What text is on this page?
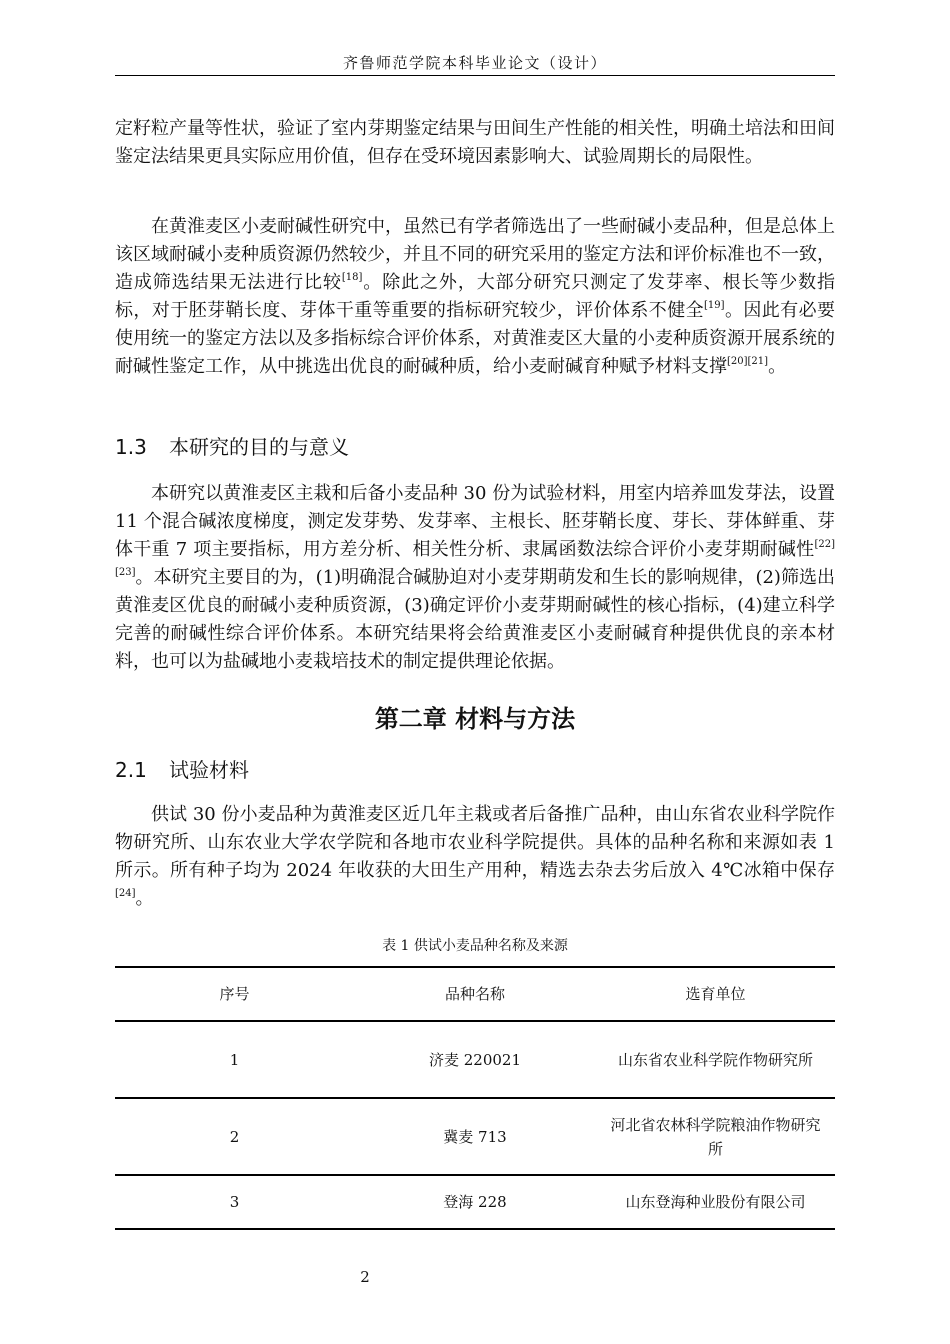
齐鲁师范学院本科毕业论文（设计）

定籽粒产量等性状，验证了室内芽期鉴定结果与田间生产性能的相关性，明确土培法和田间鉴定法结果更具实际应用价值，但存在受环境因素影响大、试验周期长的局限性。

在黄淮麦区小麦耐碱性研究中，虽然已有学者筛选出了一些耐碱小麦品种，但是总体上该区域耐碱小麦种质资源仍然较少，并且不同的研究采用的鉴定方法和评价标准也不一致，造成筛选结果无法进行比较[18]。除此之外，大部分研究只测定了发芽率、根长等少数指标，对于胚芽鞘长度、芽体干重等重要的指标研究较少，评价体系不健全[19]。因此有必要使用统一的鉴定方法以及多指标综合评价体系，对黄淮麦区大量的小麦种质资源开展系统的耐碱性鉴定工作，从中挑选出优良的耐碱种质，给小麦耐碱育种赋予材料支撑[20][21]。

1.3 本研究的目的与意义

本研究以黄淮麦区主栽和后备小麦品种 30 份为试验材料，用室内培养皿发芽法，设置 11 个混合碱浓度梯度，测定发芽势、发芽率、主根长、胚芽鞘长度、芽长、芽体鲜重、芽体干重 7 项主要指标，用方差分析、相关性分析、隶属函数法综合评价小麦芽期耐碱性[22][23]。本研究主要目的为，(1)明确混合碱胁迫对小麦芽期萌发和生长的影响规律，(2)筛选出黄淮麦区优良的耐碱小麦种质资源，(3)确定评价小麦芽期耐碱性的核心指标，(4)建立科学完善的耐碱性综合评价体系。本研究结果将会给黄淮麦区小麦耐碱育种提供优良的亲本材料，也可以为盐碱地小麦栽培技术的制定提供理论依据。

第二章 材料与方法
2.1 试验材料

供试 30 份小麦品种为黄淮麦区近几年主栽或者后备推广品种，由山东省农业科学院作物研究所、山东农业大学农学院和各地市农业科学院提供。具体的品种名称和来源如表 1 所示。所有种子均为 2024 年收获的大田生产用种，精选去杂去劣后放入 4℃冰箱中保存[24]。

表 1 供试小麦品种名称及来源
序号	品种名称	选育单位
1	济麦 220021	山东省农业科学院作物研究所
2	冀麦 713	河北省农林科学院粮油作物研究所
3	登海 228	山东登海种业股份有限公司
2
